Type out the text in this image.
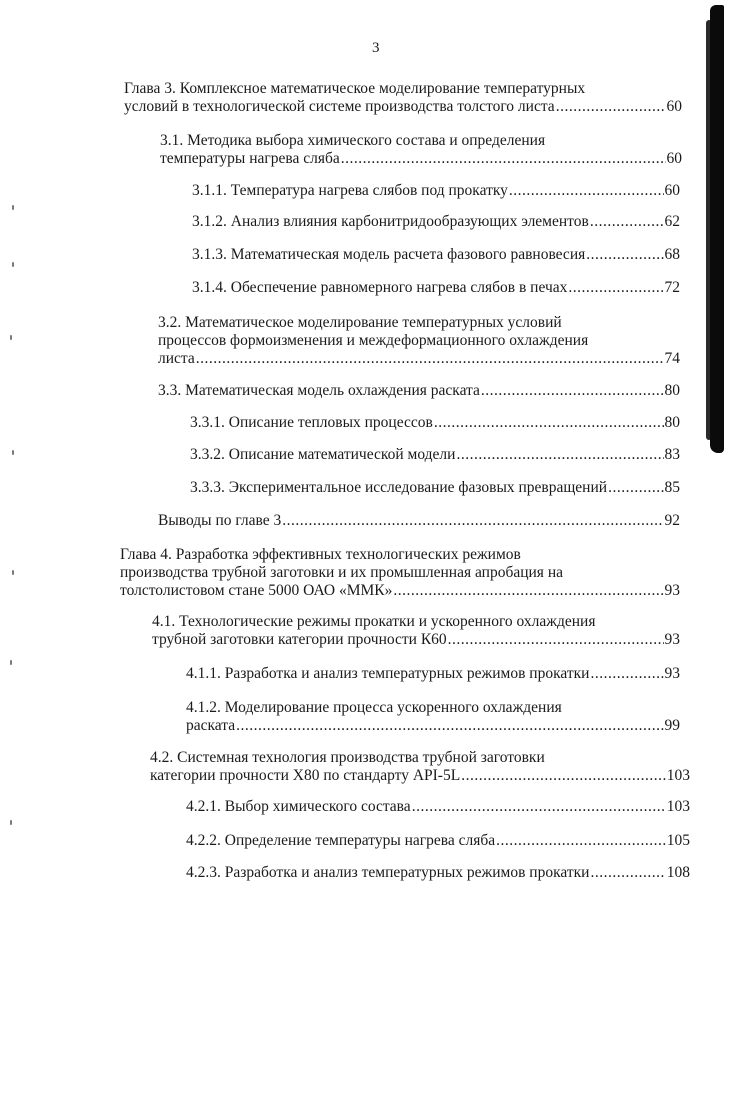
3
Глава 3. Комплексное математическое моделирование температурных
условий в технологической системе производства толстого листа .....	60
3.1. Методика выбора химического состава и определения
температуры нагрева сляба .....	60
3.1.1. Температура нагрева слябов под прокатку .....	60
3.1.2. Анализ влияния карбонитридообразующих элементов .....	62
3.1.3. Математическая модель расчета фазового равновесия .....	68
3.1.4. Обеспечение равномерного нагрева слябов в печах .....	72
3.2. Математическое моделирование температурных условий
процессов формоизменения и междеформационного охлаждения
листа .....	74
3.3. Математическая модель охлаждения раската .....	80
3.3.1. Описание тепловых процессов .....	80
3.3.2. Описание математической модели .....	83
3.3.3. Экспериментальное исследование фазовых превращений .....	85
Выводы по главе 3 .....	92
Глава 4. Разработка эффективных технологических режимов
производства трубной заготовки и их промышленная апробация на
толстолистовом стане 5000 ОАО «ММК» .....	93
4.1. Технологические режимы прокатки и ускоренного охлаждения
трубной заготовки категории прочности К60 .....	93
4.1.1. Разработка и анализ температурных режимов прокатки .....	93
4.1.2. Моделирование процесса ускоренного охлаждения
раската .....	99
4.2. Системная технология производства трубной заготовки
категории прочности Х80 по стандарту API-5L .....	103
4.2.1. Выбор химического состава .....	103
4.2.2. Определение температуры нагрева сляба .....	105
4.2.3. Разработка и анализ температурных режимов прокатки .....	108
